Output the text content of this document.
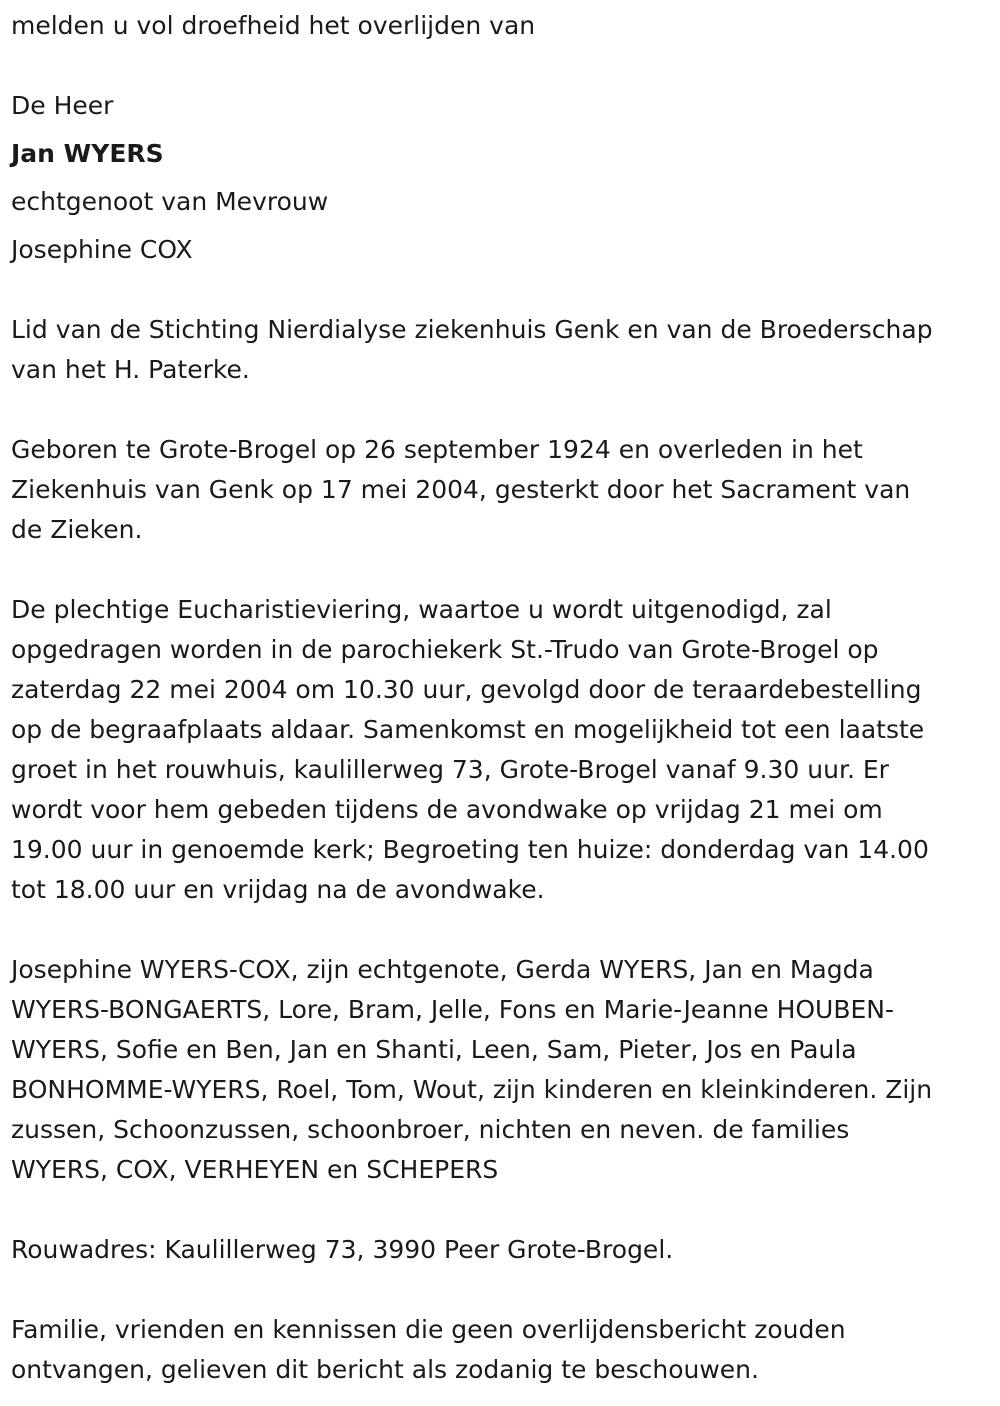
melden u vol droefheid het overlijden van

De Heer

Jan WYERS

echtgenoot van Mevrouw

Josephine COX

Lid van de Stichting Nierdialyse ziekenhuis Genk en van de Broederschap
van het H. Paterke.
Geboren te Grote-Brogel op 26 september 1924 en overleden in het
Ziekenhuis van Genk op 17 mei 2004, gesterkt door het Sacrament van
de Zieken.
De plechtige Eucharistieviering, waartoe u wordt uitgenodigd, zal
opgedragen worden in de parochiekerk St.-Trudo van Grote-Brogel op
zaterdag 22 mei 2004 om 10.30 uur, gevolgd door de teraardebestelling
op de begraafplaats aldaar. Samenkomst en mogelijkheid tot een laatste
groet in het rouwhuis, kaulillerweg 73, Grote-Brogel vanaf 9.30 uur. Er
wordt voor hem gebeden tijdens de avondwake op vrijdag 21 mei om
19.00 uur in genoemde kerk; Begroeting ten huize: donderdag van 14.00
tot 18.00 uur en vrijdag na de avondwake.
Josephine WYERS-COX, zijn echtgenote, Gerda WYERS, Jan en Magda
WYERS-BONGAERTS, Lore, Bram, Jelle, Fons en Marie-Jeanne HOUBEN-
WYERS, Sofie en Ben, Jan en Shanti, Leen, Sam, Pieter, Jos en Paula
BONHOMME-WYERS, Roel, Tom, Wout, zijn kinderen en kleinkinderen. Zijn
zussen, Schoonzussen, schoonbroer, nichten en neven. de families
WYERS, COX, VERHEYEN en SCHEPERS

Rouwadres: Kaulillerweg 73, 3990 Peer Grote-Brogel.

Familie, vrienden en kennissen die geen overlijdensbericht zouden
ontvangen, gelieven dit bericht als zodanig te beschouwen.
